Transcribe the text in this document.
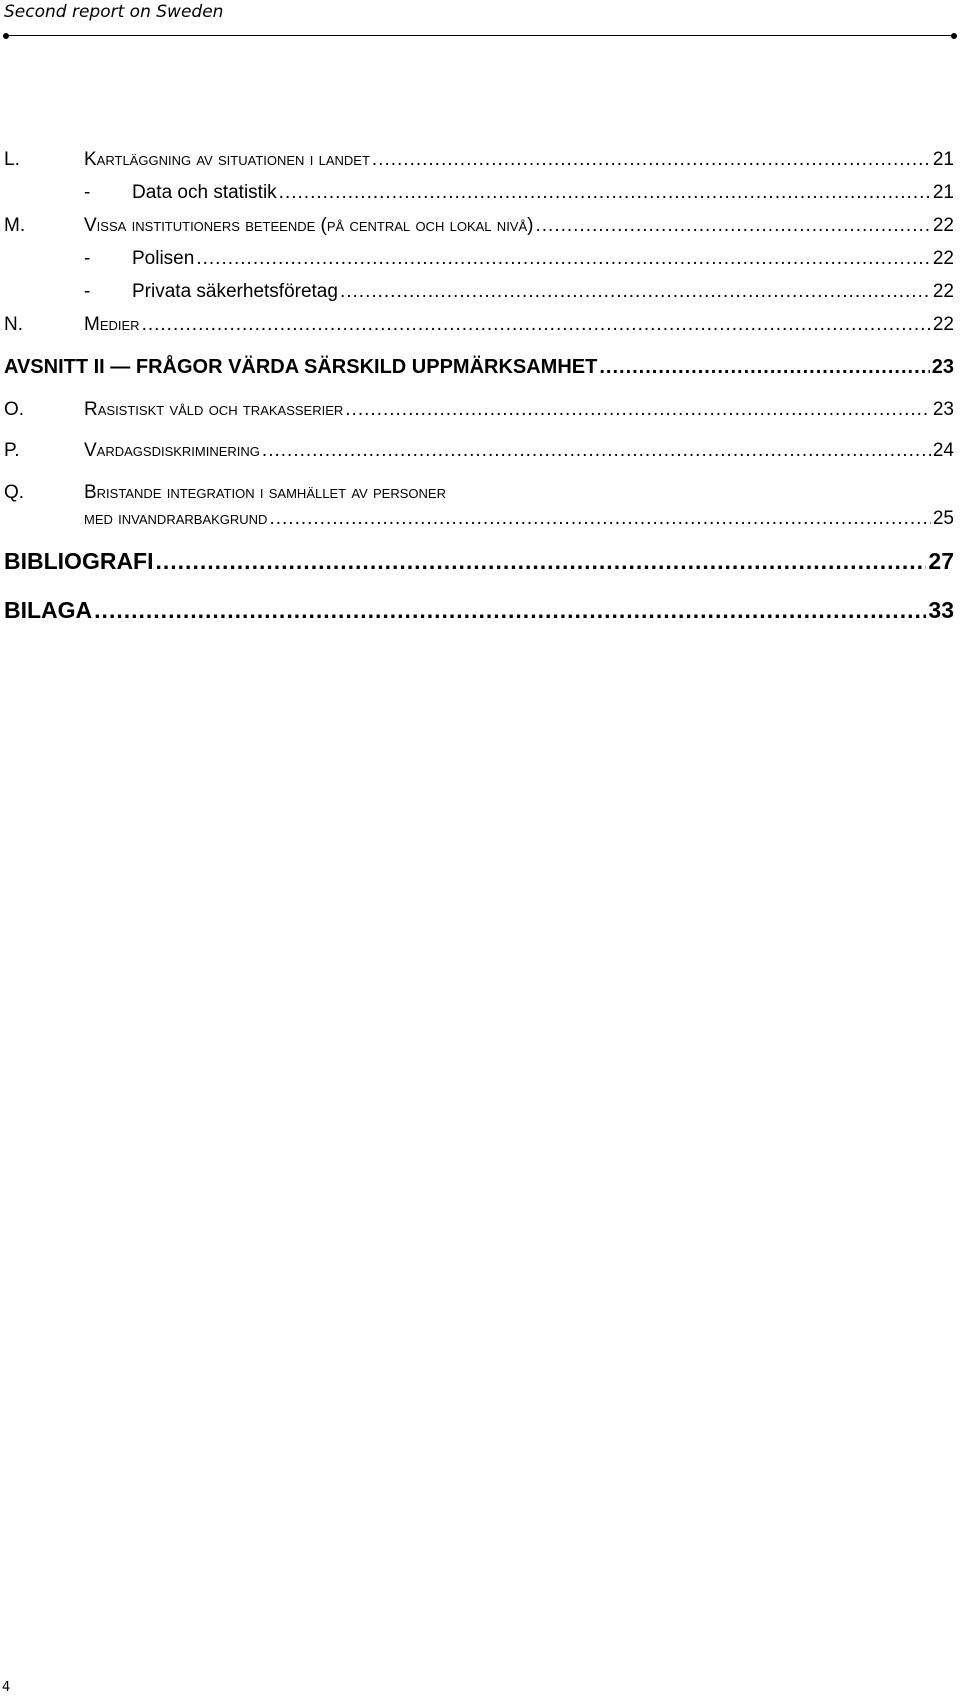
Second report on Sweden
L.	Kartläggning av situationen i landet .....	21
-	Data och statistik .....	21
M.	Vissa institutioners beteende (på central och lokal nivå) .....	22
-	Polisen .....	22
-	Privata säkerhetsföretag .....	22
N.	Medier .....	22
AVSNITT II — FRÅGOR VÄRDA SÄRSKILD UPPMÄRKSAMHET .....	23
O.	Rasistiskt våld och trakasserier .....	23
P.	Vardagsdiskriminering .....	24
Q.	Bristande integration i samhället av personer
med invandrarbakgrund .....	25
BIBLIOGRAFI .....	27
BILAGA .....	33
4
